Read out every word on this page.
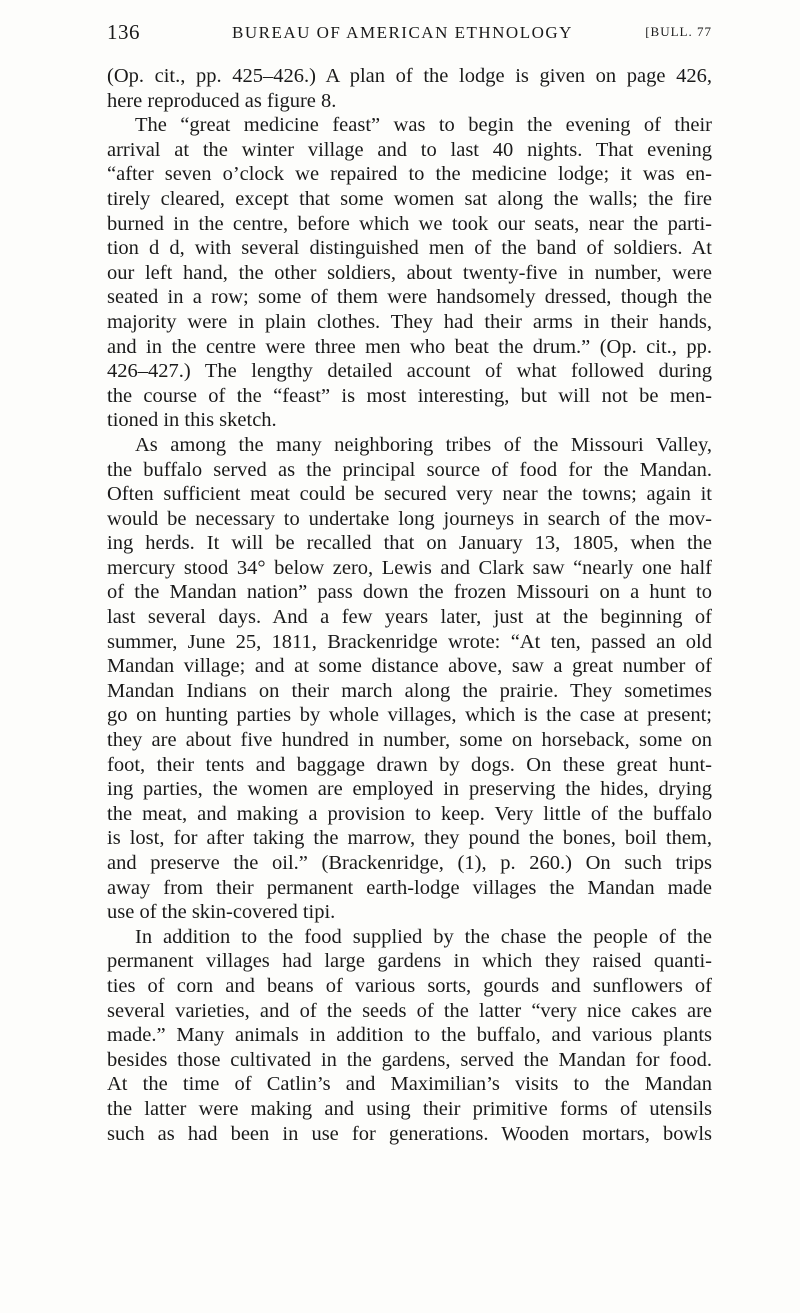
136	BUREAU OF AMERICAN ETHNOLOGY	[BULL. 77
(Op. cit., pp. 425–426.) A plan of the lodge is given on page 426,
here reproduced as figure 8.
The “great medicine feast” was to begin the evening of their
arrival at the winter village and to last 40 nights. That evening
“after seven o’clock we repaired to the medicine lodge; it was en-
tirely cleared, except that some women sat along the walls; the fire
burned in the centre, before which we took our seats, near the parti-
tion d d, with several distinguished men of the band of soldiers. At
our left hand, the other soldiers, about twenty-five in number, were
seated in a row; some of them were handsomely dressed, though the
majority were in plain clothes. They had their arms in their hands,
and in the centre were three men who beat the drum.” (Op. cit., pp.
426–427.) The lengthy detailed account of what followed during
the course of the “feast” is most interesting, but will not be men-
tioned in this sketch.
As among the many neighboring tribes of the Missouri Valley,
the buffalo served as the principal source of food for the Mandan.
Often sufficient meat could be secured very near the towns; again it
would be necessary to undertake long journeys in search of the mov-
ing herds. It will be recalled that on January 13, 1805, when the
mercury stood 34° below zero, Lewis and Clark saw “nearly one half
of the Mandan nation” pass down the frozen Missouri on a hunt to
last several days. And a few years later, just at the beginning of
summer, June 25, 1811, Brackenridge wrote: “At ten, passed an old
Mandan village; and at some distance above, saw a great number of
Mandan Indians on their march along the prairie. They sometimes
go on hunting parties by whole villages, which is the case at present;
they are about five hundred in number, some on horseback, some on
foot, their tents and baggage drawn by dogs. On these great hunt-
ing parties, the women are employed in preserving the hides, drying
the meat, and making a provision to keep. Very little of the buffalo
is lost, for after taking the marrow, they pound the bones, boil them,
and preserve the oil.” (Brackenridge, (1), p. 260.) On such trips
away from their permanent earth-lodge villages the Mandan made
use of the skin-covered tipi.
In addition to the food supplied by the chase the people of the
permanent villages had large gardens in which they raised quanti-
ties of corn and beans of various sorts, gourds and sunflowers of
several varieties, and of the seeds of the latter “very nice cakes are
made.” Many animals in addition to the buffalo, and various plants
besides those cultivated in the gardens, served the Mandan for food.
At the time of Catlin’s and Maximilian’s visits to the Mandan
the latter were making and using their primitive forms of utensils
such as had been in use for generations. Wooden mortars, bowls
